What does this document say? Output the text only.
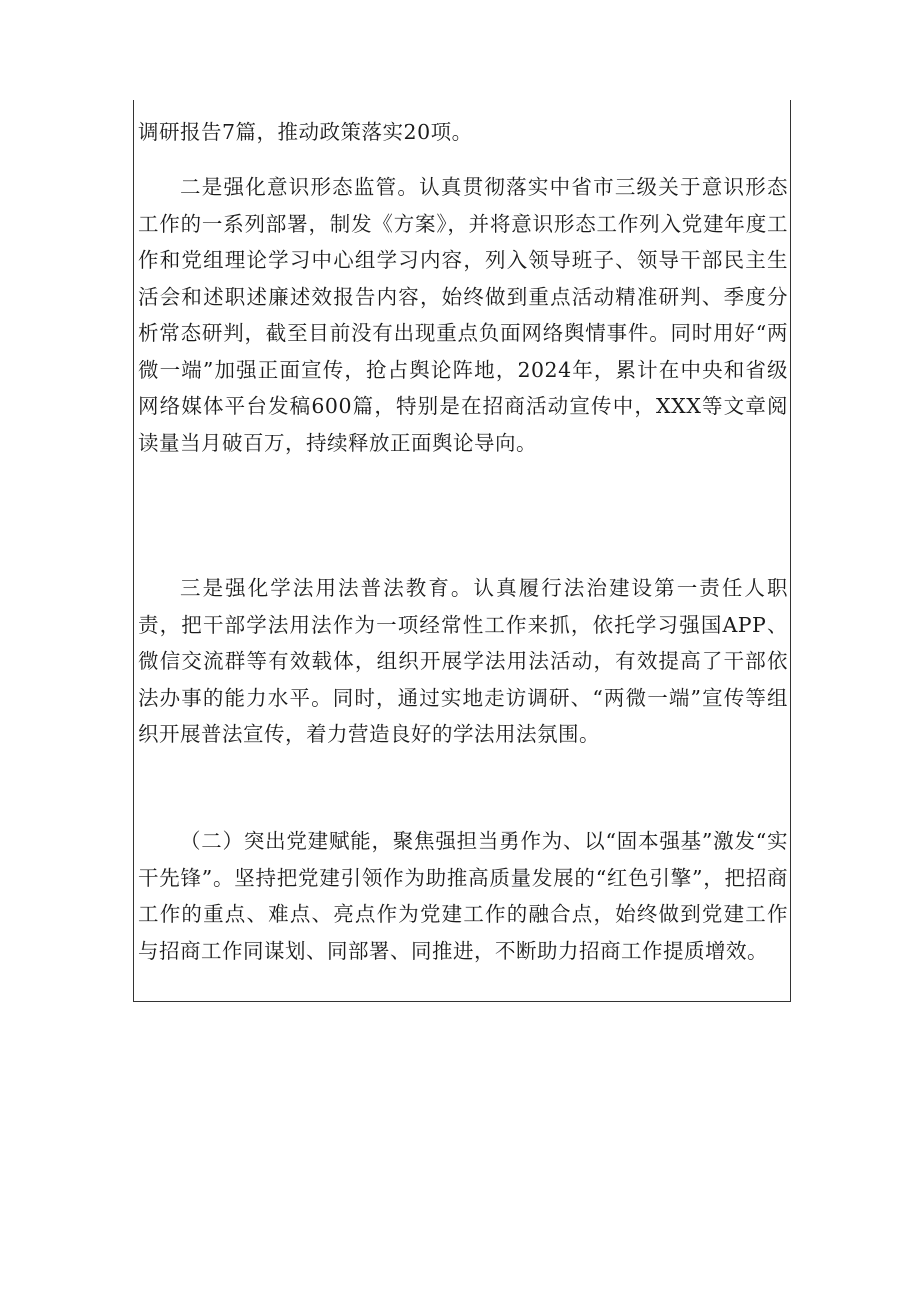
调研报告7篇，推动政策落实20项。

二是强化意识形态监管。认真贯彻落实中省市三级关于意识形态工作的一系列部署，制发《方案》，并将意识形态工作列入党建年度工作和党组理论学习中心组学习内容，列入领导班子、领导干部民主生活会和述职述廉述效报告内容，始终做到重点活动精准研判、季度分析常态研判，截至目前没有出现重点负面网络舆情事件。同时用好“两微一端”加强正面宣传，抢占舆论阵地，2024年，累计在中央和省级网络媒体平台发稿600篇，特别是在招商活动宣传中，XXX等文章阅读量当月破百万，持续释放正面舆论导向。

三是强化学法用法普法教育。认真履行法治建设第一责任人职责，把干部学法用法作为一项经常性工作来抓，依托学习强国APP、微信交流群等有效载体，组织开展学法用法活动，有效提高了干部依法办事的能力水平。同时，通过实地走访调研、“两微一端”宣传等组织开展普法宣传，着力营造良好的学法用法氛围。

（二）突出党建赋能，聚焦强担当勇作为、以“固本强基”激发“实干先锋”。坚持把党建引领作为助推高质量发展的“红色引擎”，把招商工作的重点、难点、亮点作为党建工作的融合点，始终做到党建工作与招商工作同谋划、同部署、同推进，不断助力招商工作提质增效。
